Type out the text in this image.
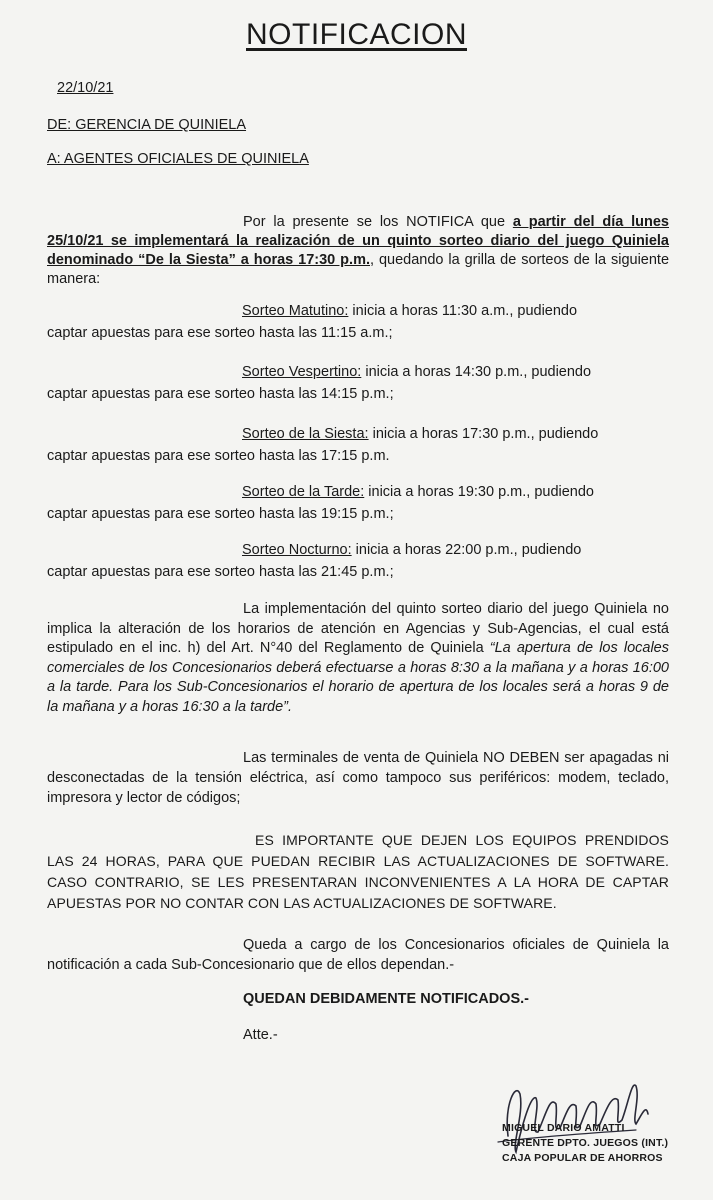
NOTIFICACION
22/10/21
DE: GERENCIA DE QUINIELA
A: AGENTES OFICIALES DE QUINIELA
Por la presente se los NOTIFICA que a partir del día lunes 25/10/21 se implementará la realización de un quinto sorteo diario del juego Quiniela denominado “De la Siesta” a horas 17:30 p.m., quedando la grilla de sorteos de la siguiente manera:
Sorteo Matutino: inicia a horas 11:30 a.m., pudiendo
captar apuestas para ese sorteo hasta las 11:15 a.m.;
Sorteo Vespertino: inicia a horas 14:30 p.m., pudiendo
captar apuestas para ese sorteo hasta las 14:15 p.m.;
Sorteo de la Siesta: inicia a horas 17:30 p.m., pudiendo
captar apuestas para ese sorteo hasta las 17:15 p.m.
Sorteo de la Tarde: inicia a horas 19:30 p.m., pudiendo
captar apuestas para ese sorteo hasta las 19:15 p.m.;
Sorteo Nocturno: inicia a horas 22:00 p.m., pudiendo
captar apuestas para ese sorteo hasta las 21:45 p.m.;
La implementación del quinto sorteo diario del juego Quiniela no implica la alteración de los horarios de atención en Agencias y Sub-Agencias, el cual está estipulado en el inc. h) del Art. N°40 del Reglamento de Quiniela “La apertura de los locales comerciales de los Concesionarios deberá efectuarse a horas 8:30 a la mañana y a horas 16:00 a la tarde. Para los Sub-Concesionarios el horario de apertura de los locales será a horas 9 de la mañana y a horas 16:30 a la tarde”.
Las terminales de venta de Quiniela NO DEBEN ser apagadas ni desconectadas de la tensión eléctrica, así como tampoco sus periféricos: modem, teclado, impresora y lector de códigos;
ES IMPORTANTE QUE DEJEN LOS EQUIPOS PRENDIDOS LAS 24 HORAS, PARA QUE PUEDAN RECIBIR LAS ACTUALIZACIONES DE SOFTWARE. CASO CONTRARIO, SE LES PRESENTARAN INCONVENIENTES A LA HORA DE CAPTAR APUESTAS POR NO CONTAR CON LAS ACTUALIZACIONES DE SOFTWARE.
Queda a cargo de los Concesionarios oficiales de Quiniela la notificación a cada Sub-Concesionario que de ellos dependan.-
QUEDAN DEBIDAMENTE NOTIFICADOS.-
Atte.-
MIGUEL DARIO AMATTI
GERENTE DPTO. JUEGOS (INT.)
CAJA POPULAR DE AHORROS
